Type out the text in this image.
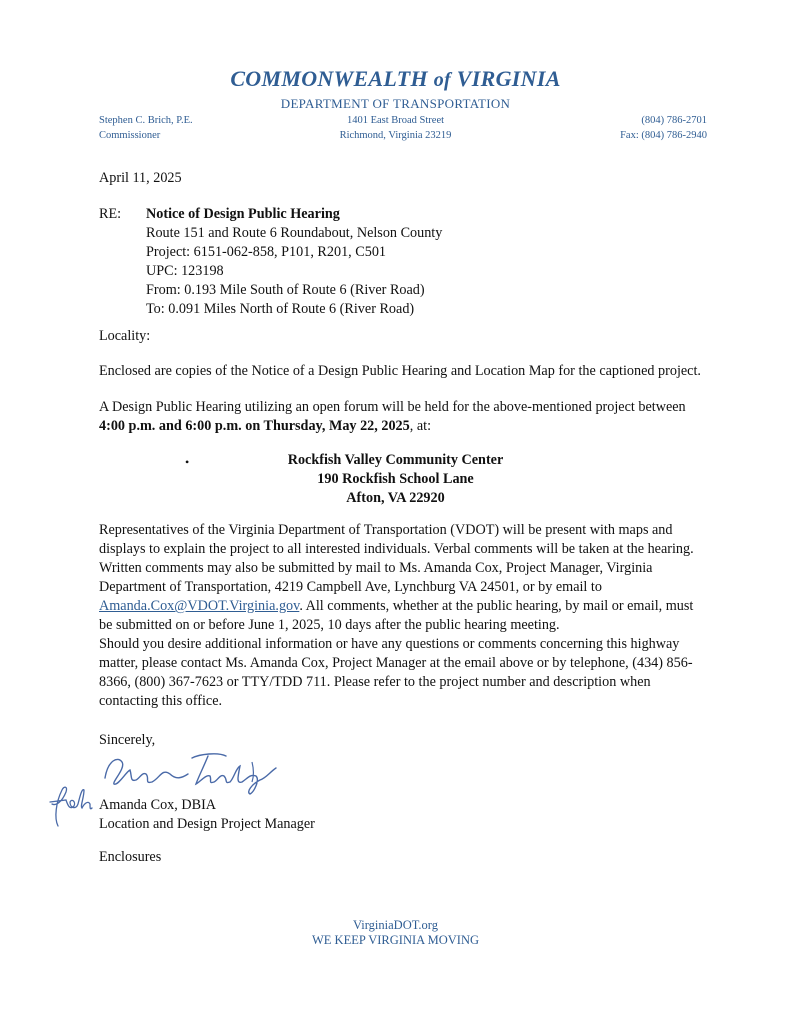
COMMONWEALTH of VIRGINIA
DEPARTMENT OF TRANSPORTATION
Stephen C. Brich, P.E.
Commissioner
1401 East Broad Street
Richmond, Virginia 23219
(804) 786-2701
Fax: (804) 786-2940
April 11, 2025
RE: Notice of Design Public Hearing
Route 151 and Route 6 Roundabout, Nelson County
Project: 6151-062-858, P101, R201, C501
UPC: 123198
From: 0.193 Mile South of Route 6 (River Road)
To: 0.091 Miles North of Route 6 (River Road)
Locality:
Enclosed are copies of the Notice of a Design Public Hearing and Location Map for the captioned project.
A Design Public Hearing utilizing an open forum will be held for the above-mentioned project between
4:00 p.m. and 6:00 p.m. on Thursday, May 22, 2025, at:
•	Rockfish Valley Community Center
190 Rockfish School Lane
Afton, VA 22920
Representatives of the Virginia Department of Transportation (VDOT) will be present with maps and
displays to explain the project to all interested individuals. Verbal comments will be taken at the hearing.
Written comments may also be submitted by mail to Ms. Amanda Cox, Project Manager, Virginia
Department of Transportation, 4219 Campbell Ave, Lynchburg VA 24501, or by email to
Amanda.Cox@VDOT.Virginia.gov. All comments, whether at the public hearing, by mail or email, must
be submitted on or before June 1, 2025, 10 days after the public hearing meeting.
Should you desire additional information or have any questions or comments concerning this highway
matter, please contact Ms. Amanda Cox, Project Manager at the email above or by telephone, (434) 856-
8366, (800) 367-7623 or TTY/TDD 711. Please refer to the project number and description when
contacting this office.
Sincerely,
Amanda Cox, DBIA
Location and Design Project Manager
Enclosures
VirginiaDOT.org
WE KEEP VIRGINIA MOVING
